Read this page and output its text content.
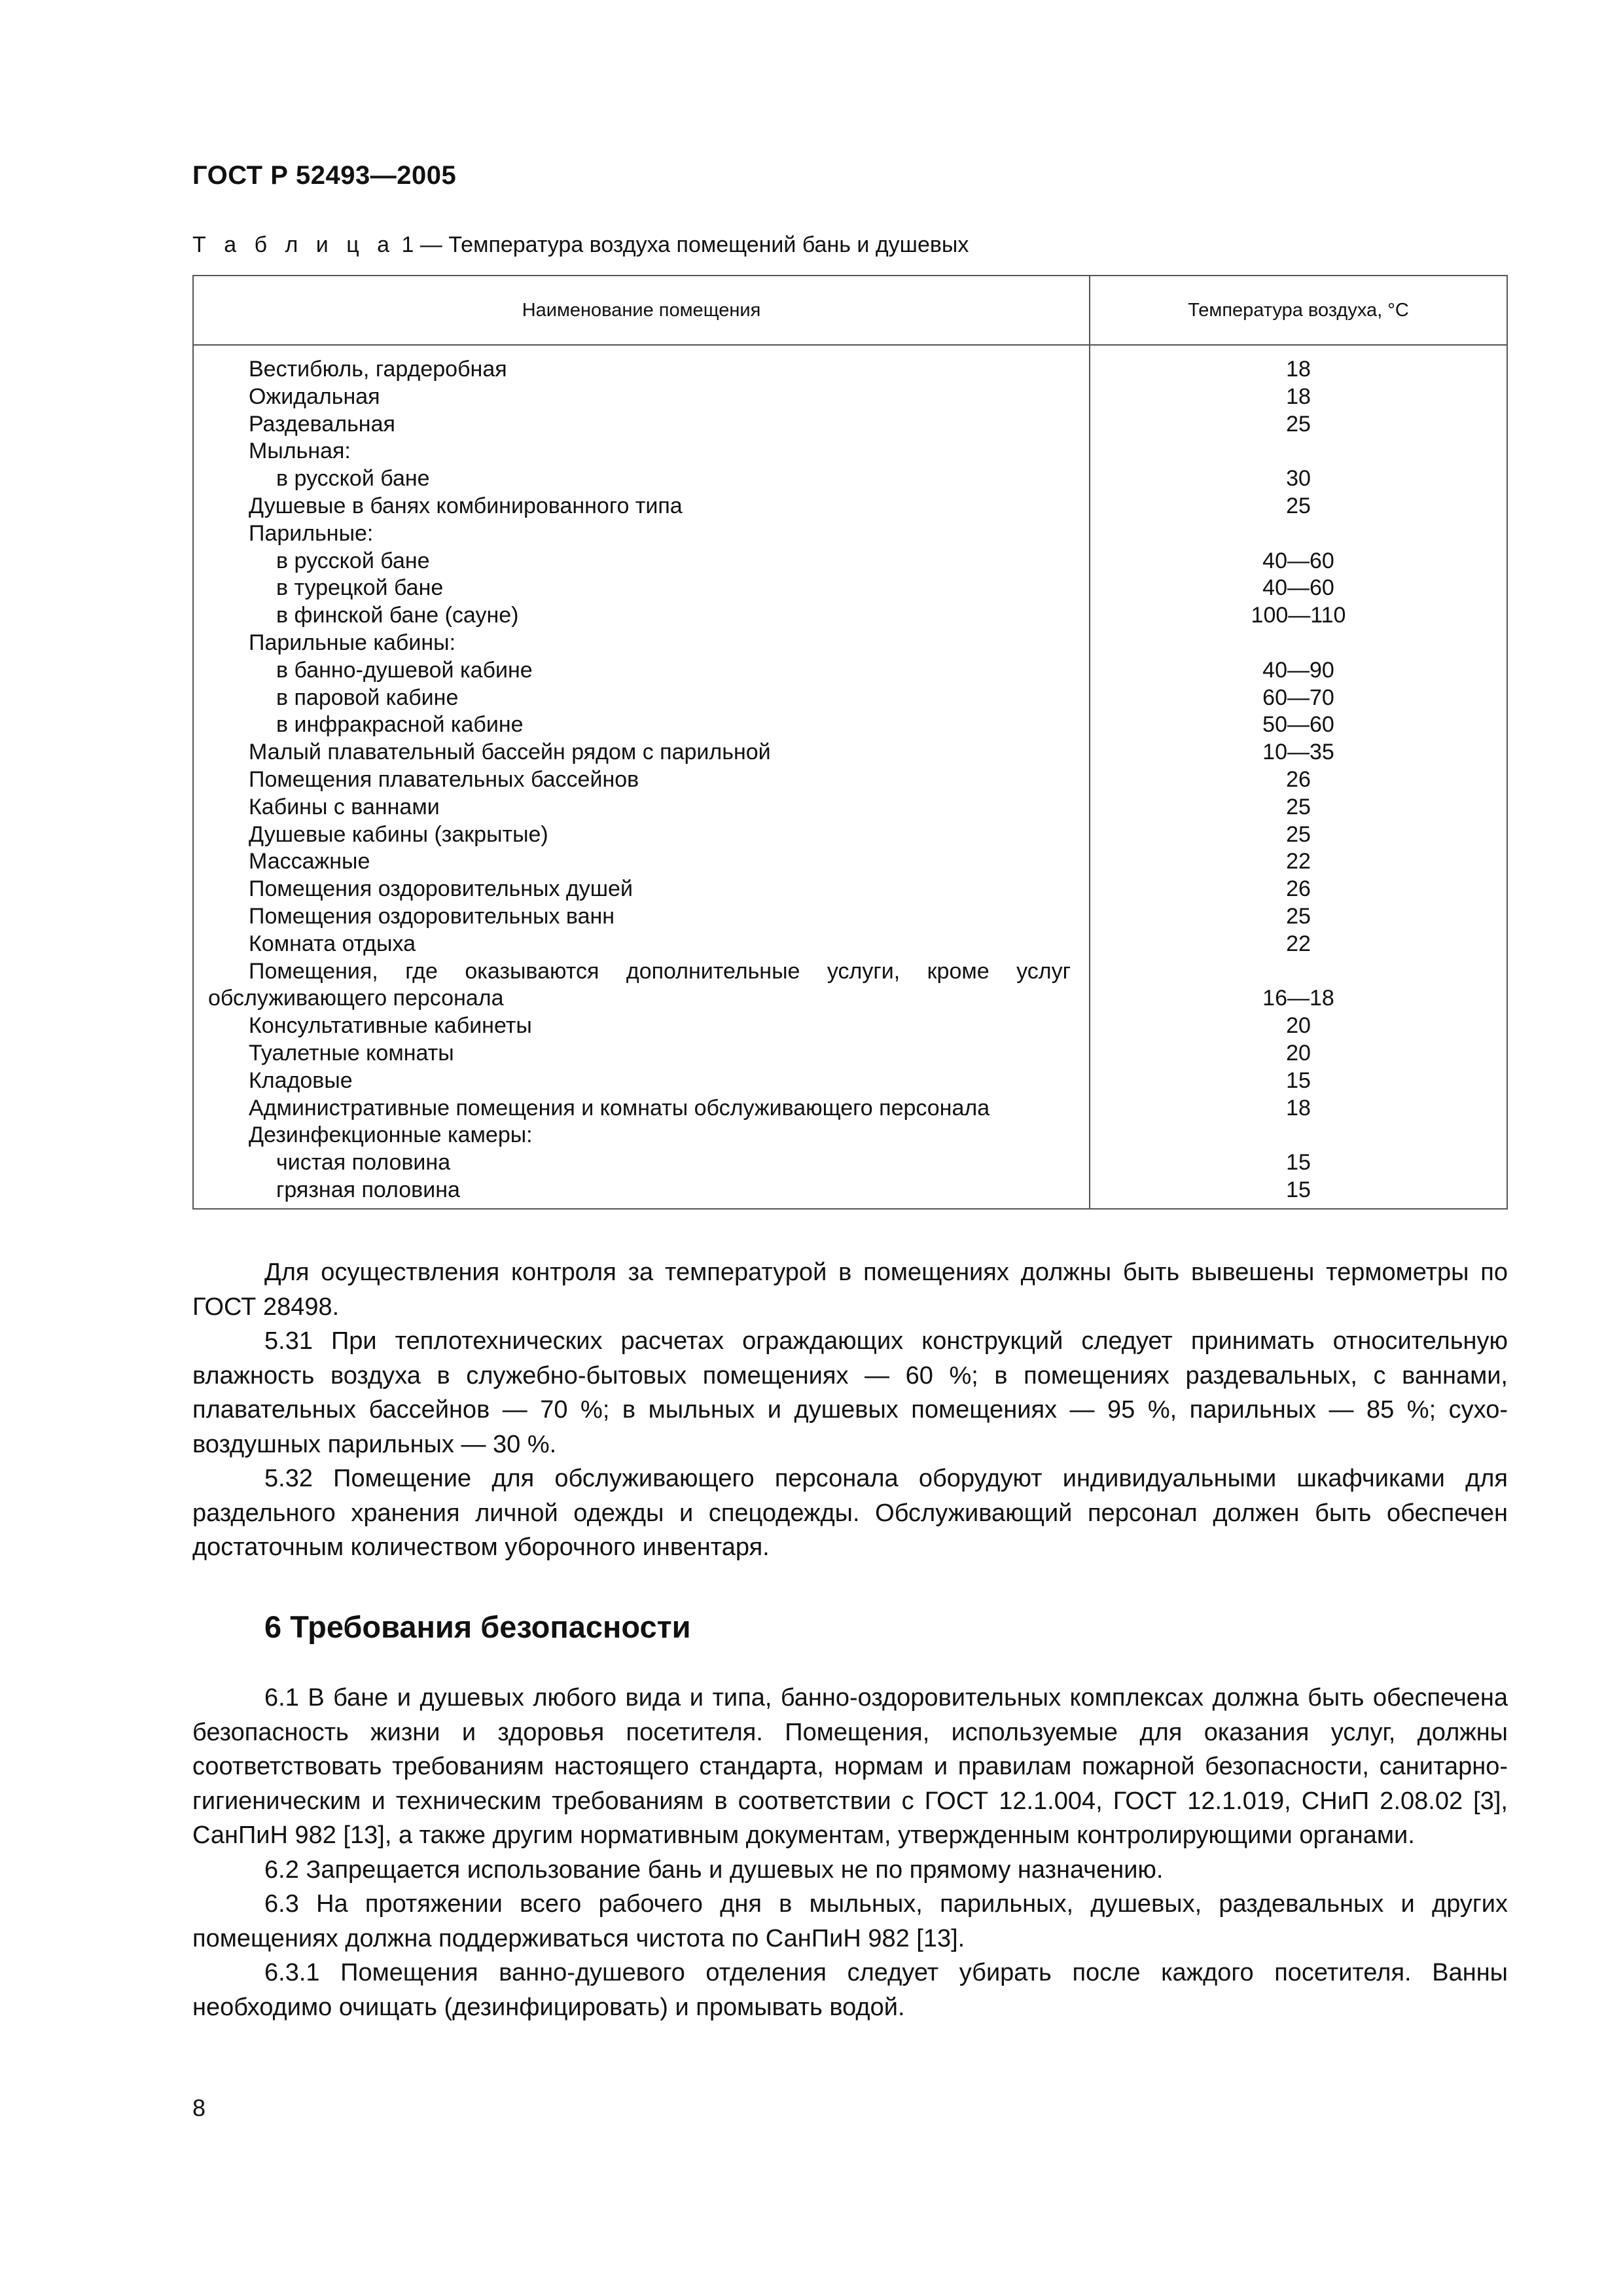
ГОСТ Р 52493—2005
Т а б л и ц а 1 — Температура воздуха помещений бань и душевых
Наименование помещения	Температура воздуха, °С
Вестибюль, гардеробная	18
Ожидальная	18
Раздевальная	25
Мыльная:
в русской бане	30
Душевые в банях комбинированного типа	25
Парильные:
в русской бане	40—60
в турецкой бане	40—60
в финской бане (сауне)	100—110
Парильные кабины:
в банно-душевой кабине	40—90
в паровой кабине	60—70
в инфракрасной кабине	50—60
Малый плавательный бассейн рядом с парильной	10—35
Помещения плавательных бассейнов	26
Кабины с ваннами	25
Душевые кабины (закрытые)	25
Массажные	22
Помещения оздоровительных душей	26
Помещения оздоровительных ванн	25
Комната отдыха	22
Помещения, где оказываются дополнительные услуги, кроме услуг
обслуживающего персонала	16—18
Консультативные кабинеты	20
Туалетные комнаты	20
Кладовые	15
Административные помещения и комнаты обслуживающего персонала	18
Дезинфекционные камеры:
чистая половина	15
грязная половина	15

Для осуществления контроля за температурой в помещениях должны быть вывешены термометры по ГОСТ 28498.

5.31 При теплотехнических расчетах ограждающих конструкций следует принимать относительную влажность воздуха в служебно-бытовых помещениях — 60 %; в помещениях раздевальных, с ваннами, плавательных бассейнов — 70 %; в мыльных и душевых помещениях — 95 %, парильных — 85 %; сухо-воздушных парильных — 30 %.

5.32 Помещение для обслуживающего персонала оборудуют индивидуальными шкафчиками для раздельного хранения личной одежды и спецодежды. Обслуживающий персонал должен быть обеспечен достаточным количеством уборочного инвентаря.

6 Требования безопасности

6.1 В бане и душевых любого вида и типа, банно-оздоровительных комплексах должна быть обеспечена безопасность жизни и здоровья посетителя. Помещения, используемые для оказания услуг, должны соответствовать требованиям настоящего стандарта, нормам и правилам пожарной безопасности, санитарно-гигиеническим и техническим требованиям в соответствии с ГОСТ 12.1.004, ГОСТ 12.1.019, СНиП 2.08.02 [3], СанПиН 982 [13], а также другим нормативным документам, утвержденным контролирующими органами.

6.2 Запрещается использование бань и душевых не по прямому назначению.

6.3 На протяжении всего рабочего дня в мыльных, парильных, душевых, раздевальных и других помещениях должна поддерживаться чистота по СанПиН 982 [13].

6.3.1 Помещения ванно-душевого отделения следует убирать после каждого посетителя. Ванны необходимо очищать (дезинфицировать) и промывать водой.

8
